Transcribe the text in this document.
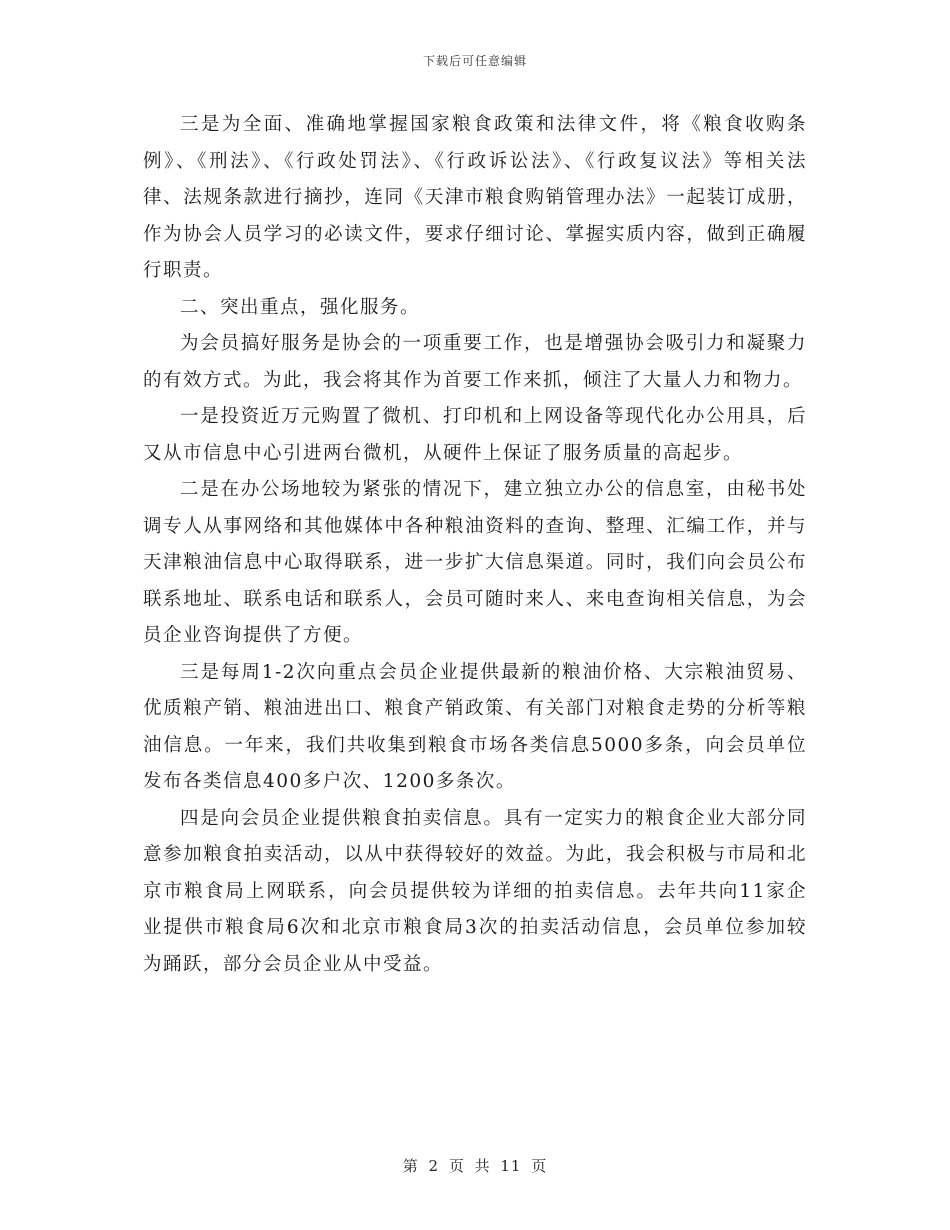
下载后可任意编辑

三是为全面、准确地掌握国家粮食政策和法律文件，将《粮食收购条例》、《刑法》、《行政处罚法》、《行政诉讼法》、《行政复议法》等相关法律、法规条款进行摘抄，连同《天津市粮食购销管理办法》一起装订成册，作为协会人员学习的必读文件，要求仔细讨论、掌握实质内容，做到正确履行职责。

二、突出重点，强化服务。

为会员搞好服务是协会的一项重要工作，也是增强协会吸引力和凝聚力的有效方式。为此，我会将其作为首要工作来抓，倾注了大量人力和物力。

一是投资近万元购置了微机、打印机和上网设备等现代化办公用具，后又从市信息中心引进两台微机，从硬件上保证了服务质量的高起步。

二是在办公场地较为紧张的情况下，建立独立办公的信息室，由秘书处调专人从事网络和其他媒体中各种粮油资料的查询、整理、汇编工作，并与天津粮油信息中心取得联系，进一步扩大信息渠道。同时，我们向会员公布联系地址、联系电话和联系人，会员可随时来人、来电查询相关信息，为会员企业咨询提供了方便。

三是每周1-2次向重点会员企业提供最新的粮油价格、大宗粮油贸易、优质粮产销、粮油进出口、粮食产销政策、有关部门对粮食走势的分析等粮油信息。一年来，我们共收集到粮食市场各类信息5000多条，向会员单位发布各类信息400多户次、1200多条次。

四是向会员企业提供粮食拍卖信息。具有一定实力的粮食企业大部分同意参加粮食拍卖活动，以从中获得较好的效益。为此，我会积极与市局和北京市粮食局上网联系，向会员提供较为详细的拍卖信息。去年共向11家企业提供市粮食局6次和北京市粮食局3次的拍卖活动信息，会员单位参加较为踊跃，部分会员企业从中受益。

第 2 页 共 11 页
